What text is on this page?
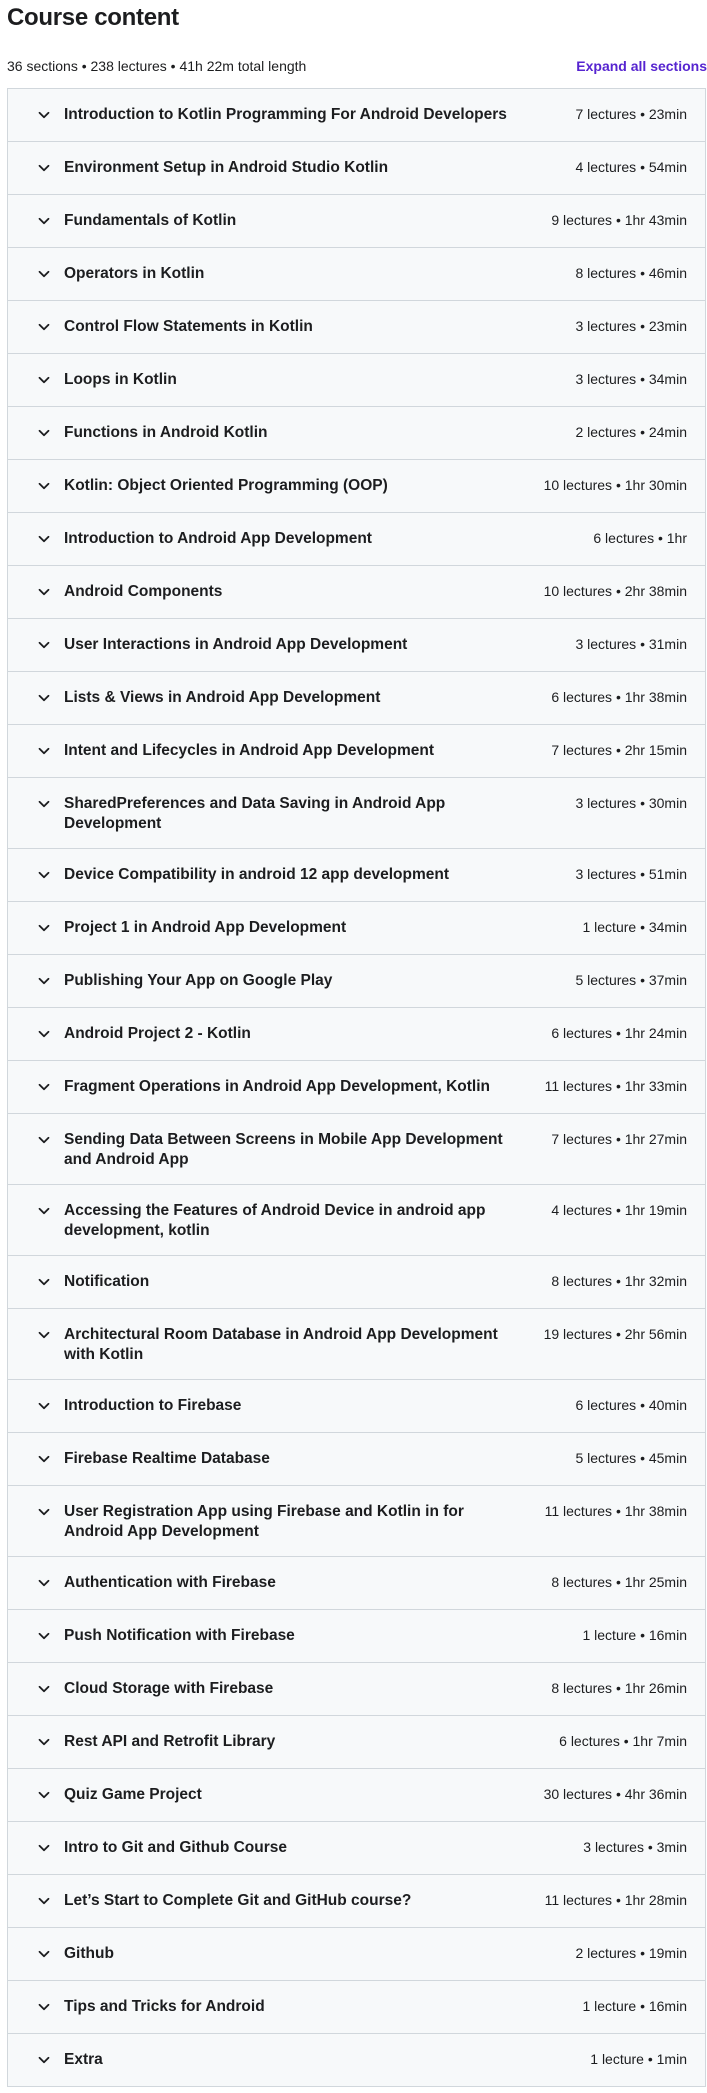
Course content
36 sections • 238 lectures • 41h 22m total length	Expand all sections
Introduction to Kotlin Programming For Android Developers	7 lectures • 23min
Environment Setup in Android Studio Kotlin	4 lectures • 54min
Fundamentals of Kotlin	9 lectures • 1hr 43min
Operators in Kotlin	8 lectures • 46min
Control Flow Statements in Kotlin	3 lectures • 23min
Loops in Kotlin	3 lectures • 34min
Functions in Android Kotlin	2 lectures • 24min
Kotlin: Object Oriented Programming (OOP)	10 lectures • 1hr 30min
Introduction to Android App Development	6 lectures • 1hr
Android Components	10 lectures • 2hr 38min
User Interactions in Android App Development	3 lectures • 31min
Lists & Views in Android App Development	6 lectures • 1hr 38min
Intent and Lifecycles in Android App Development	7 lectures • 2hr 15min
SharedPreferences and Data Saving in Android App Development
3 lectures • 30min
Device Compatibility in android 12 app development	3 lectures • 51min
Project 1 in Android App Development	1 lecture • 34min
Publishing Your App on Google Play	5 lectures • 37min
Android Project 2 - Kotlin	6 lectures • 1hr 24min
Fragment Operations in Android App Development, Kotlin	11 lectures • 1hr 33min
Sending Data Between Screens in Mobile App Development and Android App
7 lectures • 1hr 27min
Accessing the Features of Android Device in android app development, kotlin
4 lectures • 1hr 19min
Notification	8 lectures • 1hr 32min
Architectural Room Database in Android App Development with Kotlin
19 lectures • 2hr 56min
Introduction to Firebase	6 lectures • 40min
Firebase Realtime Database	5 lectures • 45min
User Registration App using Firebase and Kotlin in for Android App Development
11 lectures • 1hr 38min
Authentication with Firebase	8 lectures • 1hr 25min
Push Notification with Firebase	1 lecture • 16min
Cloud Storage with Firebase	8 lectures • 1hr 26min
Rest API and Retrofit Library	6 lectures • 1hr 7min
Quiz Game Project	30 lectures • 4hr 36min
Intro to Git and Github Course	3 lectures • 3min
Let’s Start to Complete Git and GitHub course?	11 lectures • 1hr 28min
Github	2 lectures • 19min
Tips and Tricks for Android	1 lecture • 16min
Extra	1 lecture • 1min
